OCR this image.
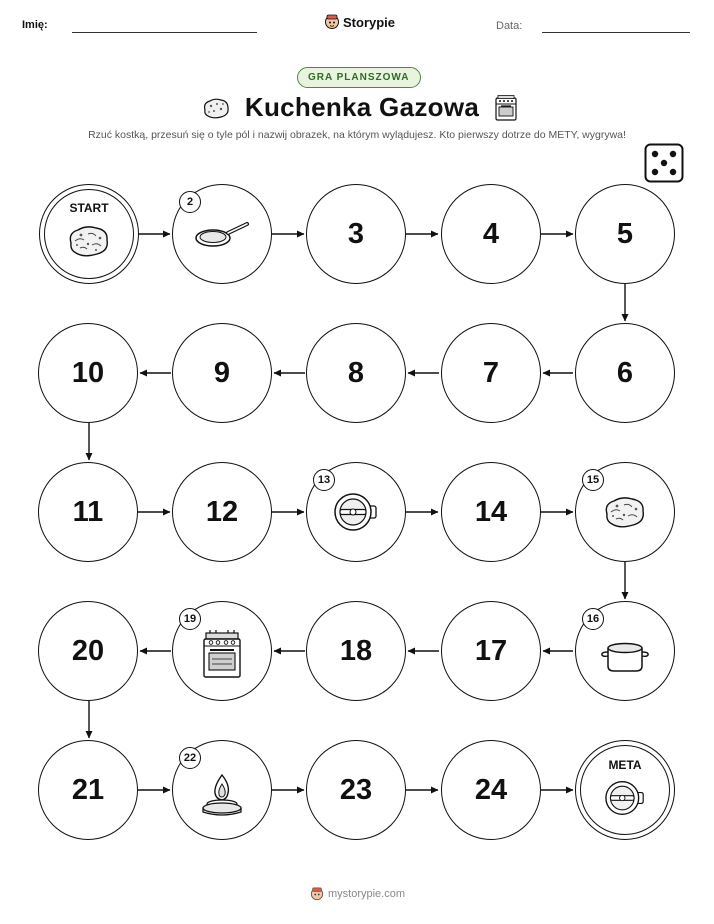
Imię:	Storypie	Data:
GRA PLANSZOWA
Kuchenka Gazowa
Rzuć kostką, przesuń się o tyle pól i nazwij obrazek, na którym wylądujesz. Kto pierwszy dotrze do METY, wygrywa!
START	2
3	4	5
6
7
8
9
10
11	12
13
14
15
16
17
18
19
20
21
22
23	24
META
mystorypie.com
